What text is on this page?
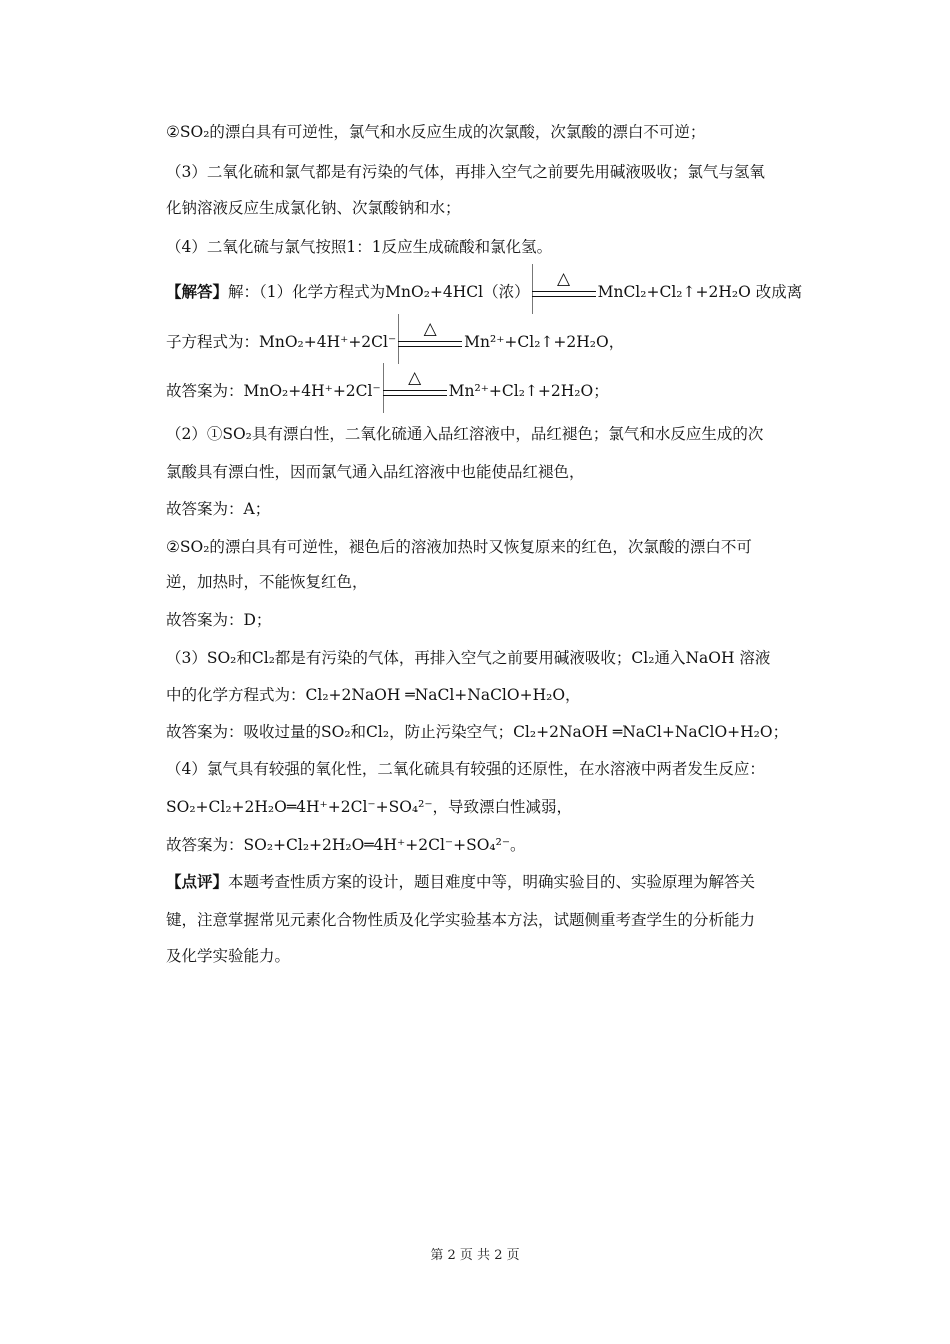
②SO₂的漂白具有可逆性，氯气和水反应生成的次氯酸，次氯酸的漂白不可逆；
（3）二氧化硫和氯气都是有污染的气体，再排入空气之前要先用碱液吸收；氯气与氢氧
化钠溶液反应生成氯化钠、次氯酸钠和水；
（4）二氧化硫与氯气按照1：1反应生成硫酸和氯化氢。
【解答】解：（1）化学方程式为MnO₂+4HCl（浓）
△
MnCl₂+Cl₂↑+2H₂O 改成离
子方程式为：MnO₂+4H⁺+2Cl⁻
△
Mn²⁺+Cl₂↑+2H₂O，
故答案为：MnO₂+4H⁺+2Cl⁻
△
Mn²⁺+Cl₂↑+2H₂O；
（2）①SO₂具有漂白性，二氧化硫通入品红溶液中，品红褪色；氯气和水反应生成的次
氯酸具有漂白性，因而氯气通入品红溶液中也能使品红褪色，
故答案为：A；
②SO₂的漂白具有可逆性，褪色后的溶液加热时又恢复原来的红色，次氯酸的漂白不可
逆，加热时，不能恢复红色，
故答案为：D；
（3）SO₂和Cl₂都是有污染的气体，再排入空气之前要用碱液吸收；Cl₂通入NaOH 溶液
中的化学方程式为：Cl₂+2NaOH ═NaCl+NaClO+H₂O，
故答案为：吸收过量的SO₂和Cl₂，防止污染空气；Cl₂+2NaOH ═NaCl+NaClO+H₂O；
（4）氯气具有较强的氧化性，二氧化硫具有较强的还原性，在水溶液中两者发生反应：
SO₂+Cl₂+2H₂O═4H⁺+2Cl⁻+SO₄²⁻，导致漂白性减弱，
故答案为：SO₂+Cl₂+2H₂O═4H⁺+2Cl⁻+SO₄²⁻。
【点评】本题考查性质方案的设计，题目难度中等，明确实验目的、实验原理为解答关
键，注意掌握常见元素化合物性质及化学实验基本方法，试题侧重考查学生的分析能力
及化学实验能力。
第 2 页 共 2 页
